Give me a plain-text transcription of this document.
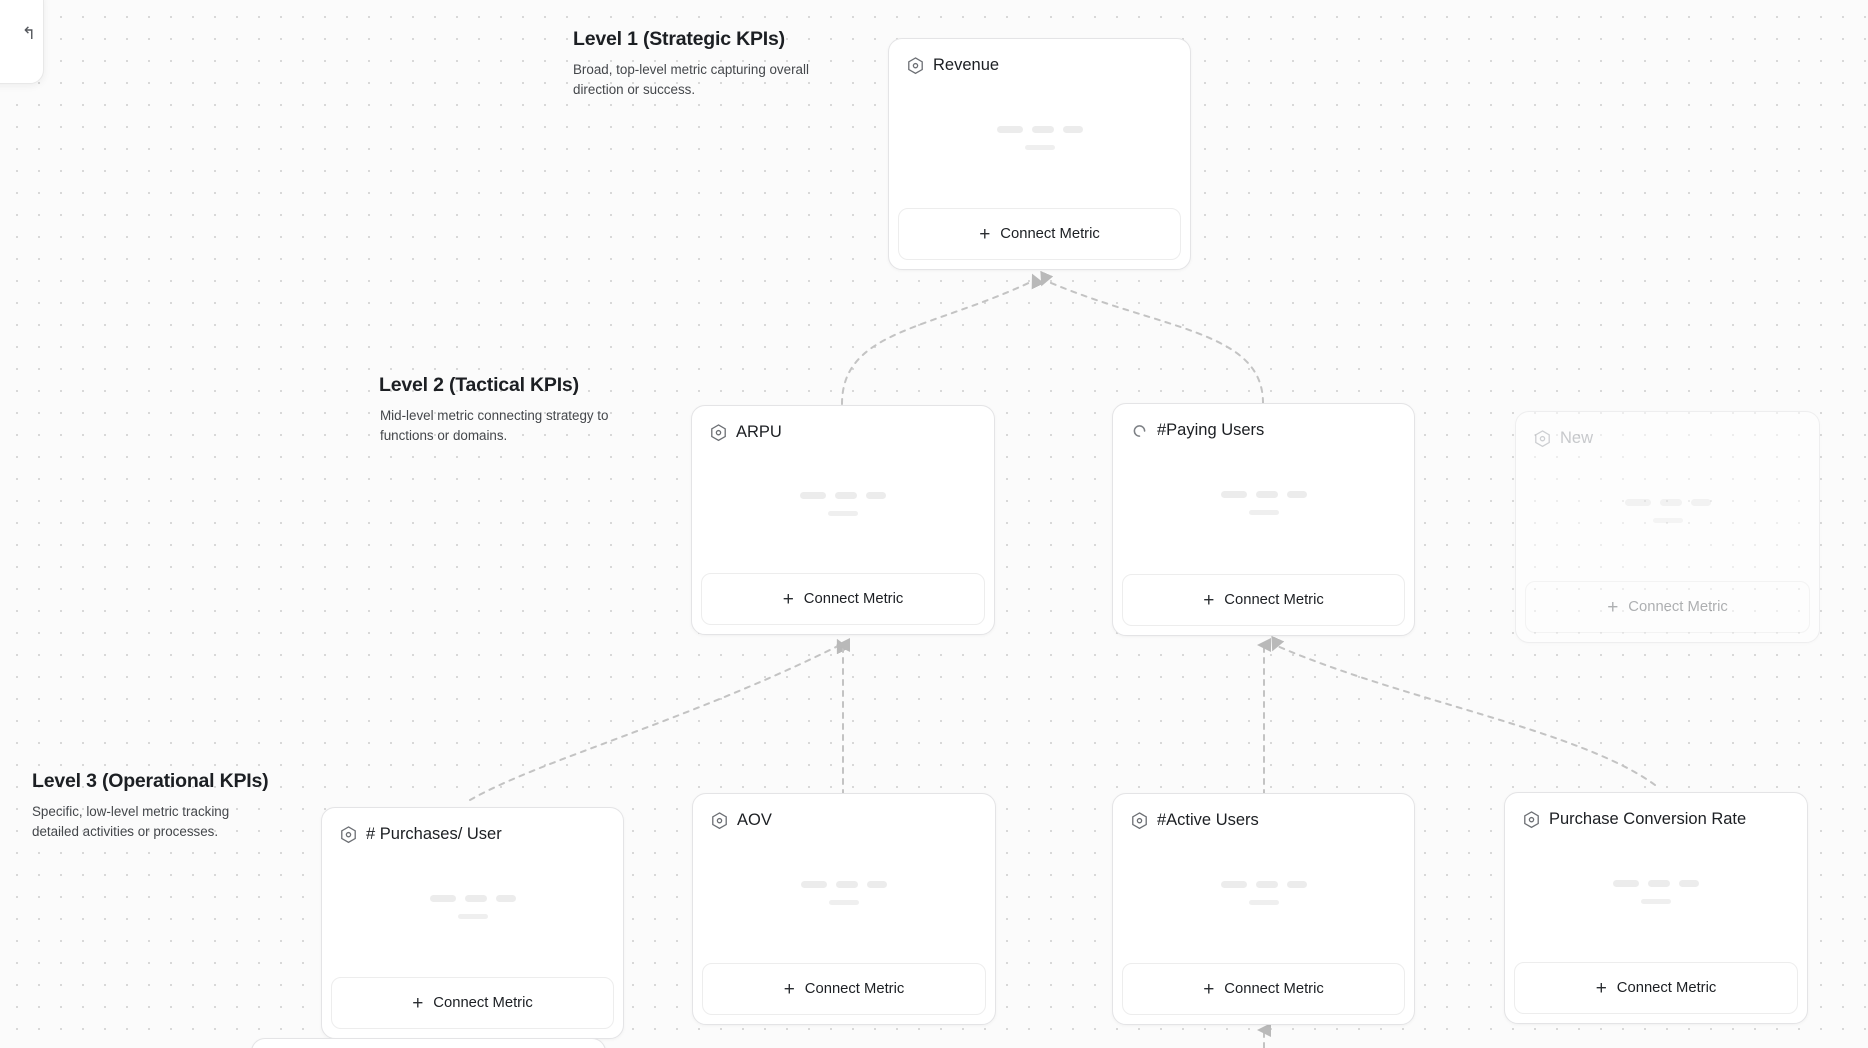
↰	Level 1 (Strategic KPIs)
Broad, top-level metric capturing overall direction or success.
Level 2 (Tactical KPIs)
Mid-level metric connecting strategy to functions or domains.
Level 3 (Operational KPIs)
Specific, low-level metric tracking detailed activities or processes.
Revenue
+ Connect Metric
ARPU
+ Connect Metric
#Paying Users
+ Connect Metric
New
+ Connect Metric
# Purchases/ User
+ Connect Metric
AOV
+ Connect Metric
#Active Users
+ Connect Metric
Purchase Conversion Rate
+ Connect Metric
